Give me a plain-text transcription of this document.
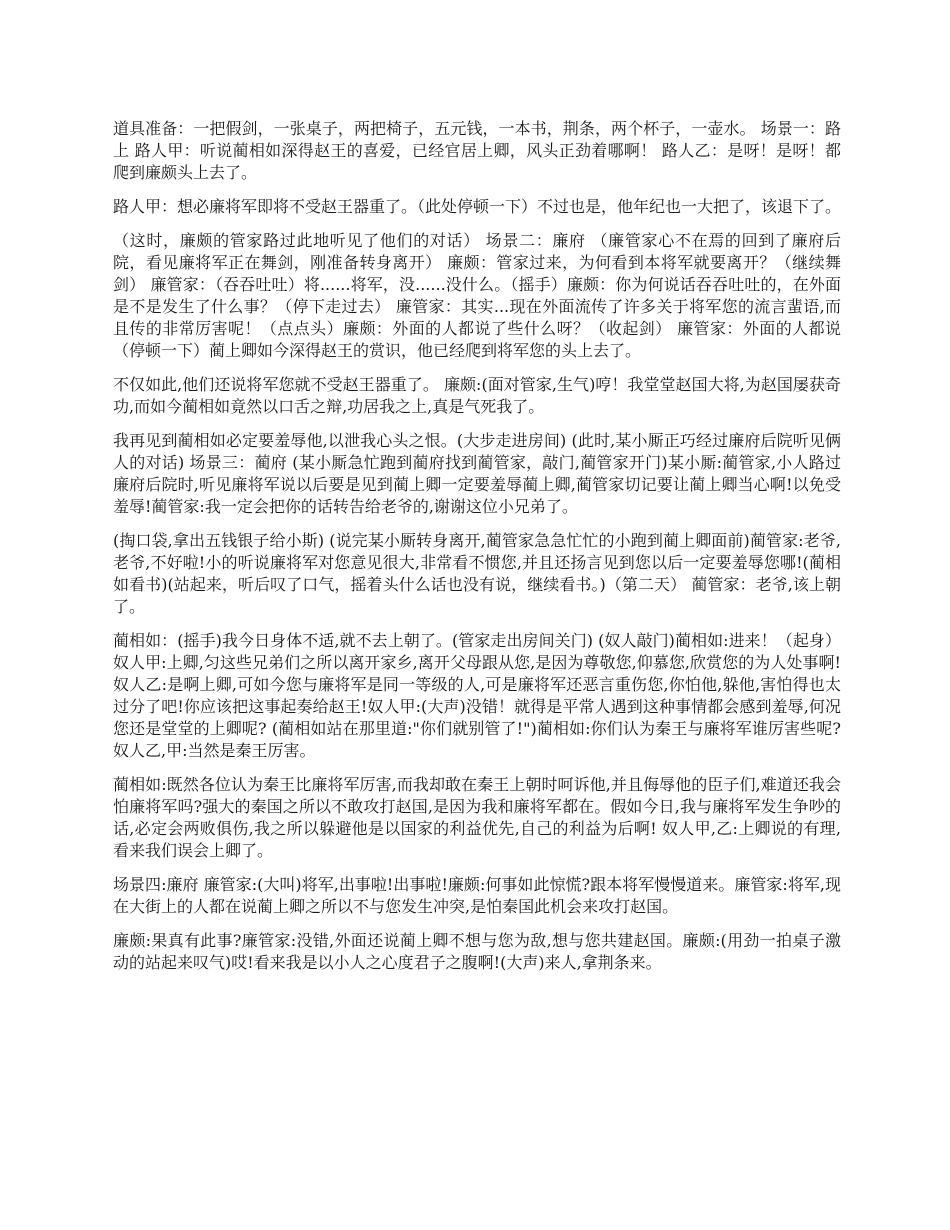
道具准备：一把假剑，一张桌子，两把椅子，五元钱，一本书，荆条，两个杯子，一壶水。 场景一：路上 路人甲：听说蔺相如深得赵王的喜爱，已经官居上卿，风头正劲着哪啊！ 路人乙：是呀！是呀！都爬到廉颇头上去了。

路人甲：想必廉将军即将不受赵王器重了。（此处停顿一下）不过也是，他年纪也一大把了，该退下了。

（这时，廉颇的管家路过此地听见了他们的对话） 场景二：廉府 （廉管家心不在焉的回到了廉府后院，看见廉将军正在舞剑，刚准备转身离开） 廉颇：管家过来，为何看到本将军就要离开？（继续舞剑） 廉管家：（吞吞吐吐）将......将军，没......没什么。（摇手）廉颇：你为何说话吞吞吐吐的，在外面是不是发生了什么事？（停下走过去） 廉管家：其实...现在外面流传了许多关于将军您的流言蜚语,而且传的非常厉害呢！（点点头）廉颇：外面的人都说了些什么呀？（收起剑） 廉管家：外面的人都说（停顿一下）蔺上卿如今深得赵王的赏识，他已经爬到将军您的头上去了。

不仅如此,他们还说将军您就不受赵王器重了。 廉颇:(面对管家,生气)哼！我堂堂赵国大将,为赵国屡获奇功,而如今蔺相如竟然以口舌之辩,功居我之上,真是气死我了。

我再见到蔺相如必定要羞辱他,以泄我心头之恨。(大步走进房间) (此时,某小厮正巧经过廉府后院听见俩人的对话) 场景三：蔺府 (某小厮急忙跑到蔺府找到蔺管家，敲门,蔺管家开门)某小厮:蔺管家,小人路过廉府后院时,听见廉将军说以后要是见到蔺上卿一定要羞辱蔺上卿,蔺管家切记要让蔺上卿当心啊!以免受羞辱!蔺管家:我一定会把你的话转告给老爷的,谢谢这位小兄弟了。

(掏口袋,拿出五钱银子给小斯) (说完某小厮转身离开,蔺管家急急忙忙的小跑到蔺上卿面前)蔺管家:老爷,老爷,不好啦!小的听说廉将军对您意见很大,非常看不惯您,并且还扬言见到您以后一定要羞辱您哪!(蔺相如看书)(站起来，听后叹了口气，摇着头什么话也没有说，继续看书。)（第二天） 蔺管家：老爷,该上朝了。

蔺相如：(摇手)我今日身体不适,就不去上朝了。(管家走出房间关门) (奴人敲门)蔺相如:进来！（起身）奴人甲:上卿,匀这些兄弟们之所以离开家乡,离开父母跟从您,是因为尊敬您,仰慕您,欣赏您的为人处事啊! 奴人乙:是啊上卿,可如今您与廉将军是同一等级的人,可是廉将军还恶言重伤您,你怕他,躲他,害怕得也太过分了吧!你应该把这事起奏给赵王!奴人甲:(大声)没错！就得是平常人遇到这种事情都会感到羞辱,何况您还是堂堂的上卿呢? (蔺相如站在那里道:"你们就别管了!")蔺相如:你们认为秦王与廉将军谁厉害些呢? 奴人乙,甲:当然是秦王厉害。

蔺相如:既然各位认为秦王比廉将军厉害,而我却敢在秦王上朝时呵诉他,并且侮辱他的臣子们,难道还我会怕廉将军吗?强大的秦国之所以不敢攻打赵国,是因为我和廉将军都在。假如今日,我与廉将军发生争吵的话,必定会两败俱伤,我之所以躲避他是以国家的利益优先,自己的利益为后啊! 奴人甲,乙:上卿说的有理,看来我们误会上卿了。

场景四:廉府 廉管家:(大叫)将军,出事啦!出事啦!廉颇:何事如此惊慌?跟本将军慢慢道来。廉管家:将军,现在大街上的人都在说蔺上卿之所以不与您发生冲突,是怕秦国此机会来攻打赵国。

廉颇:果真有此事?廉管家:没错,外面还说蔺上卿不想与您为敌,想与您共建赵国。廉颇:(用劲一拍桌子激动的站起来叹气)哎!看来我是以小人之心度君子之腹啊!(大声)来人,拿荆条来。
